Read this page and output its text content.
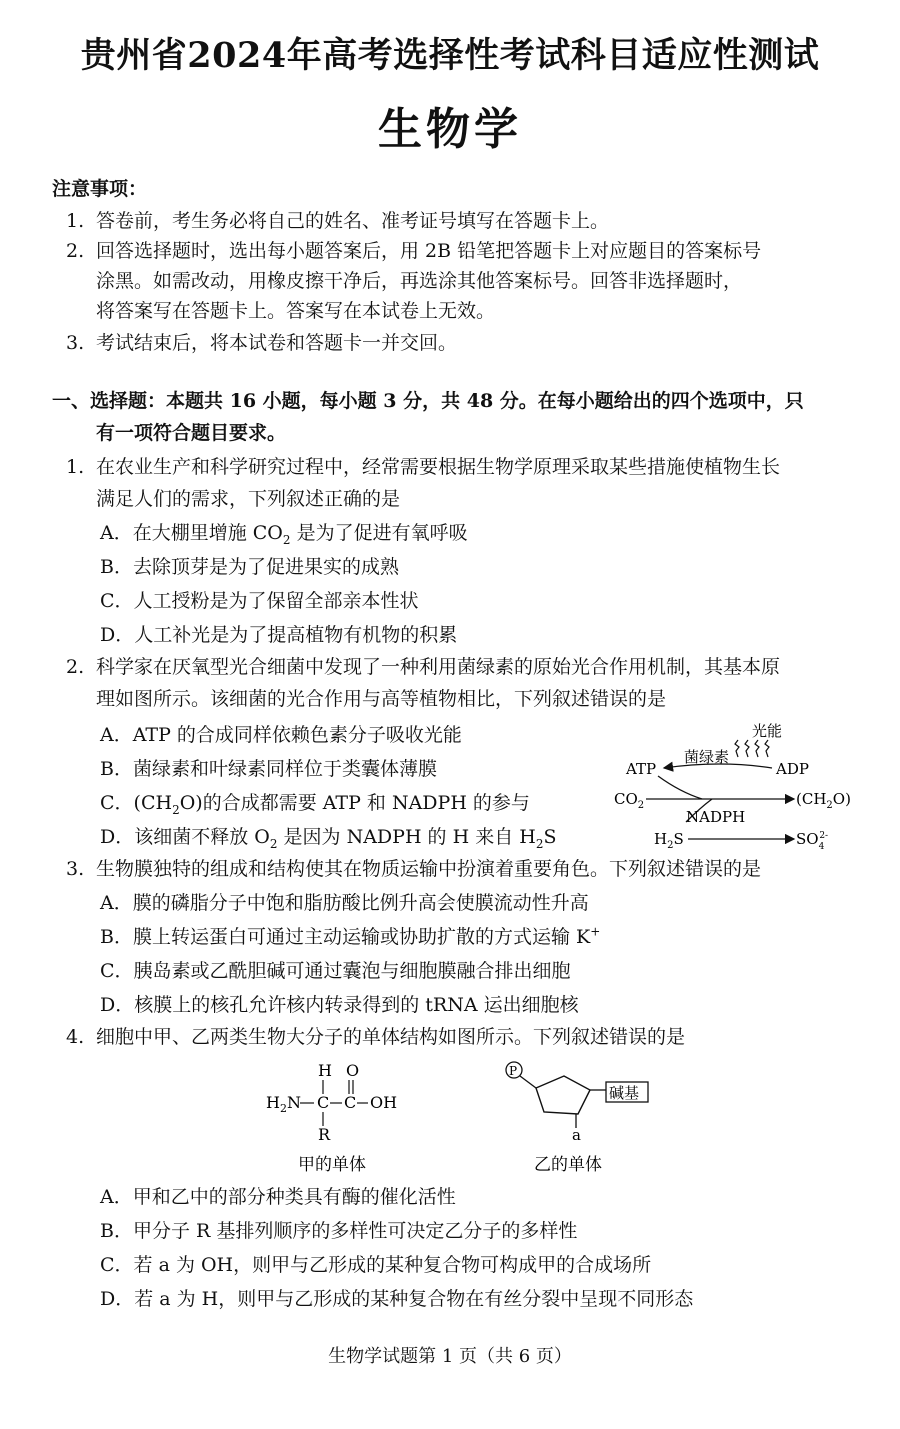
贵州省2024年高考选择性考试科目适应性测试
生物学
注意事项：
1. 答卷前，考生务必将自己的姓名、准考证号填写在答题卡上。
2. 回答选择题时，选出每小题答案后，用 2B 铅笔把答题卡上对应题目的答案标号
涂黑。如需改动，用橡皮擦干净后，再选涂其他答案标号。回答非选择题时，
将答案写在答题卡上。答案写在本试卷上无效。
3. 考试结束后，将本试卷和答题卡一并交回。
一、选择题：本题共 16 小题，每小题 3 分，共 48 分。在每小题给出的四个选项中，只
有一项符合题目要求。
1. 在农业生产和科学研究过程中，经常需要根据生物学原理采取某些措施使植物生长
满足人们的需求，下列叙述正确的是
A．在大棚里增施 $CO_2$ 是为了促进有氧呼吸
B．去除顶芽是为了促进果实的成熟
C．人工授粉是为了保留全部亲本性状
D．人工补光是为了提高植物有机物的积累
2. 科学家在厌氧型光合细菌中发现了一种利用菌绿素的原始光合作用机制，其基本原
理如图所示。该细菌的光合作用与高等植物相比，下列叙述错误的是
A．ATP 的合成同样依赖色素分子吸收光能
B．菌绿素和叶绿素同样位于类囊体薄膜
C．$(CH_2O)$的合成都需要 ATP 和 NADPH 的参与
D．该细菌不释放 $O_2$ 是因为 NADPH 的 H 来自 $H_2S$
光能
菌绿素
ATP	ADP
$CO_2$	$(CH_2O)$
NADPH
$H_2S$	$SO_42-$
3. 生物膜独特的组成和结构使其在物质运输中扮演着重要角色。下列叙述错误的是
A．膜的磷脂分子中饱和脂肪酸比例升高会使膜流动性升高
B．膜上转运蛋白可通过主动运输或协助扩散的方式运输 K+
C．胰岛素或乙酰胆碱可通过囊泡与细胞膜融合排出细胞
D．核膜上的核孔允许核内转录得到的 tRNA 运出细胞核
4. 细胞中甲、乙两类生物大分子的单体结构如图所示。下列叙述错误的是
H O
$H_2N$ C C OH
R
甲的单体
P
碱基
a
乙的单体
A．甲和乙中的部分种类具有酶的催化活性
B．甲分子 R 基排列顺序的多样性可决定乙分子的多样性
C．若 a 为 OH，则甲与乙形成的某种复合物可构成甲的合成场所
D．若 a 为 H，则甲与乙形成的某种复合物在有丝分裂中呈现不同形态
生物学试题第 1 页（共 6 页）
